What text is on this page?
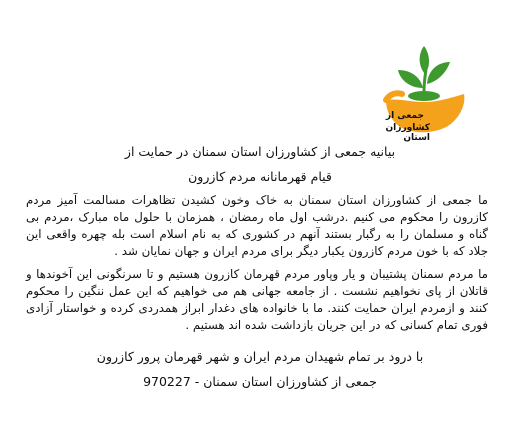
جمعی از
کشاورزان استان
بیانیه جمعی از کشاورزان استان سمنان در حمایت از
قیام قهرمانانه مردم کازرون
ما جمعی از کشاورزان استان سمنان به خاک وخون کشیدن تظاهرات مسالمت آمیز مردم کازرون را محکوم می کنیم .درشب اول ماه رمضان ، همزمان با حلول ماه مبارک ،مردم بی گناه و مسلمان را به رگبار بستند آنهم در کشوری که به نام اسلام است بله چهره واقعی این جلاد که با خون مردم کازرون یکبار دیگر برای مردم ایران و جهان نمایان شد .
ما مردم سمنان پشتیبان و یار وپاور مردم قهرمان کازرون هستیم و تا سرنگونی این آخوندها و قاتلان از پای نخواهیم نشست . از جامعه جهانی هم می خواهیم که این عمل ننگین را محکوم کنند و ازمردم ایران حمایت کنند. ما با خانواده های دغدار ابراز همدردی کرده و خواستار آزادی فوری تمام کسانی که در این جریان بازداشت شده اند هستیم .
با درود بر تمام شهیدان مردم ایران و شهر قهرمان پرور کازرون
جمعی از کشاورزان استان سمنان - 970227
